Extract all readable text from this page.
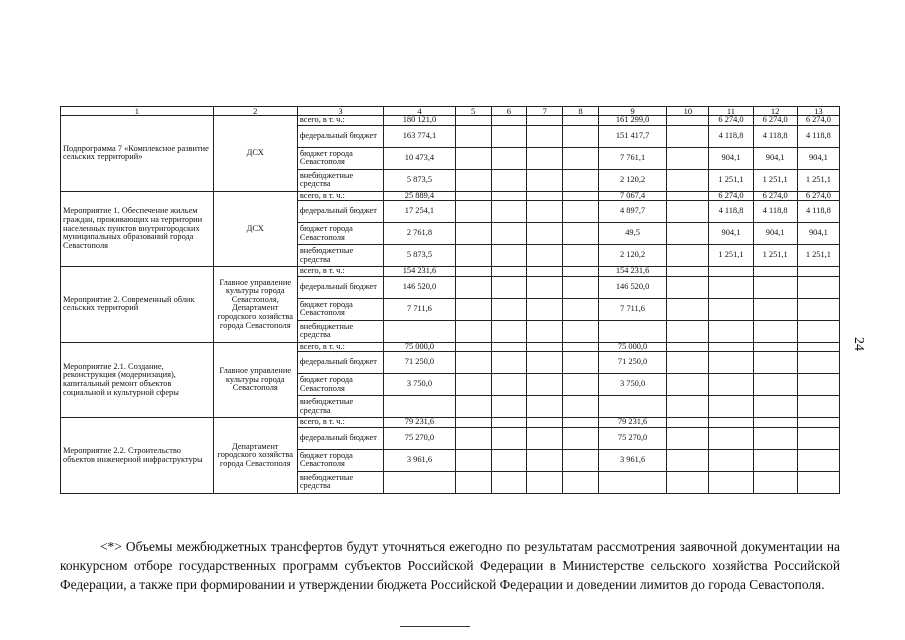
1	2	3	4	5	6	7	8	9	10	11	12	13
Подпрограмма 7 «Комплексное развитие сельских территорий»	ДСХ	всего, в т. ч.:	180 121,0					161 299,0		6 274,0	6 274,0	6 274,0
		федеральный бюджет	163 774,1					151 417,7		4 118,8	4 118,8	4 118,8
		бюджет города Севастополя	10 473,4					7 761,1		904,1	904,1	904,1
		внебюджетные средства	5 873,5					2 120,2		1 251,1	1 251,1	1 251,1
Мероприятие 1. Обеспечение жильем граждан, проживающих на территории населенных пунктов внутригородских муниципальных образований города Севастополя	ДСХ	всего, в т. ч.:	25 889,4					7 067,4		6 274,0	6 274,0	6 274,0
		федеральный бюджет	17 254,1					4 897,7		4 118,8	4 118,8	4 118,8
		бюджет города Севастополя	2 761,8					49,5		904,1	904,1	904,1
		внебюджетные средства	5 873,5					2 120,2		1 251,1	1 251,1	1 251,1
Мероприятие 2. Современный облик сельских территорий	Главное управление культуры города Севастополя, Департамент городского хозяйства города Севастополя	всего, в т. ч.:	154 231,6					154 231,6				
		федеральный бюджет	146 520,0					146 520,0				
		бюджет города Севастополя	7 711,6					7 711,6				
		внебюджетные средства										
Мероприятие 2.1. Создание, реконструкция (модернизация), капитальный ремонт объектов социальной и культурной сферы	Главное управление культуры города Севастополя	всего, в т. ч.:	75 000,0					75 000,0				
		федеральный бюджет	71 250,0					71 250,0				
		бюджет города Севастополя	3 750,0					3 750,0				
		внебюджетные средства										
Мероприятие 2.2. Строительство объектов инженерной инфраструктуры	Департамент городского хозяйства города Севастополя	всего, в т. ч.:	79 231,6					79 231,6				
		федеральный бюджет	75 270,0					75 270,0				
		бюджет города Севастополя	3 961,6					3 961,6				
		внебюджетные средства										
24
<*> Объемы межбюджетных трансфертов будут уточняться ежегодно по результатам рассмотрения заявочной документации на конкурсном отборе государственных программ субъектов Российской Федерации в Министерстве сельского хозяйства Российской Федерации, а также при формировании и утверждении бюджета Российской Федерации и доведении лимитов до города Севастополя.
